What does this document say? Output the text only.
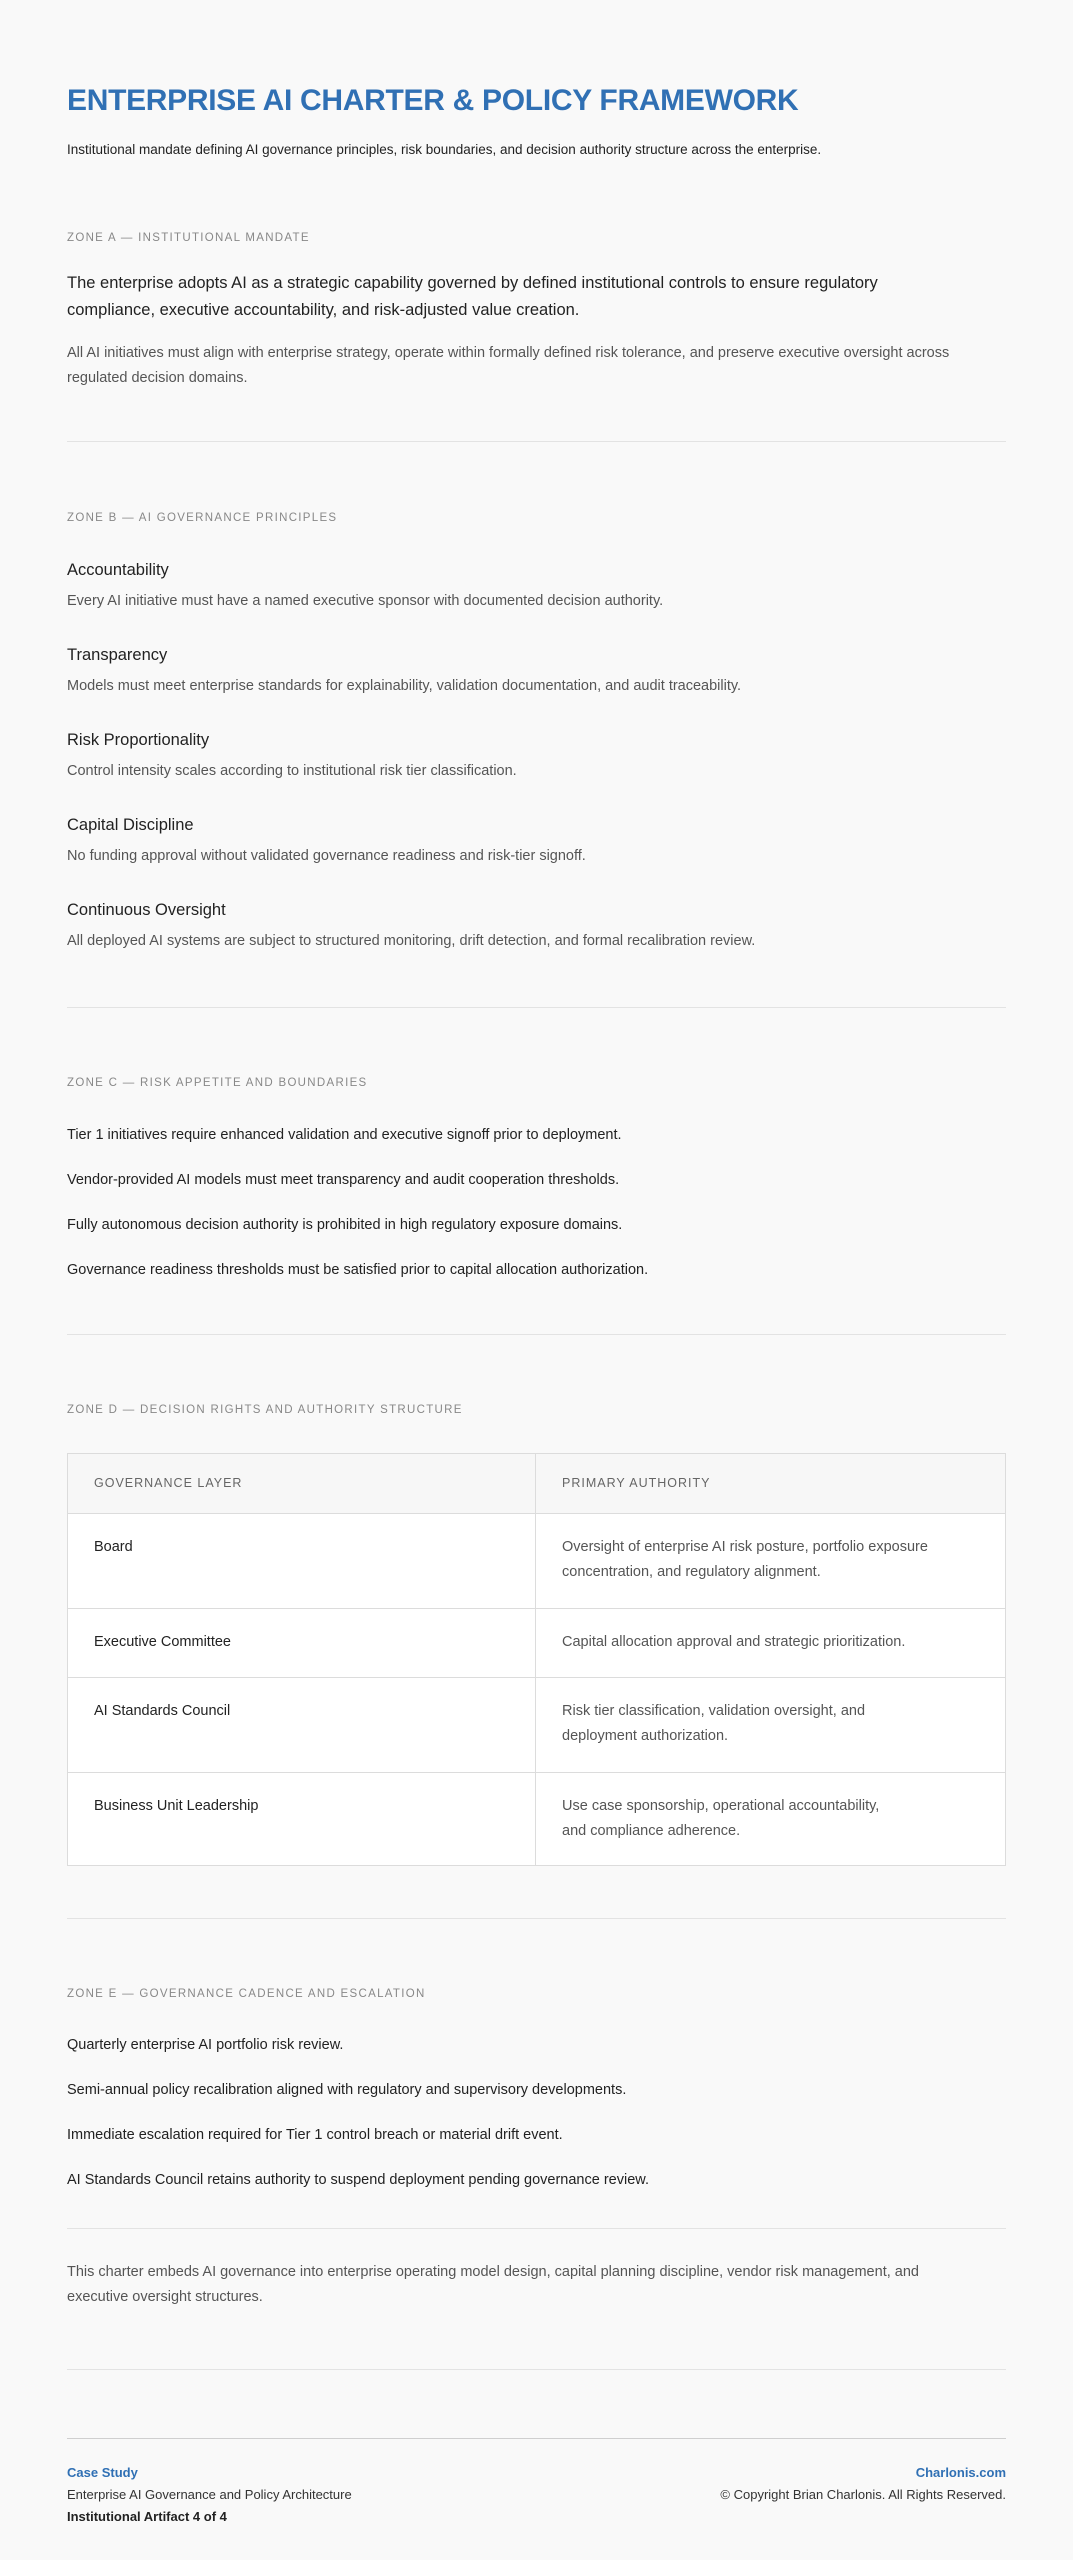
ENTERPRISE AI CHARTER & POLICY FRAMEWORK

Institutional mandate defining AI governance principles, risk boundaries, and decision authority structure across the enterprise.

ZONE A — INSTITUTIONAL MANDATE

The enterprise adopts AI as a strategic capability governed by defined institutional controls to ensure regulatory compliance, executive accountability, and risk-adjusted value creation.

All AI initiatives must align with enterprise strategy, operate within formally defined risk tolerance, and preserve executive oversight across regulated decision domains.

ZONE B — AI GOVERNANCE PRINCIPLES
Accountability
Every AI initiative must have a named executive sponsor with documented decision authority.
Transparency
Models must meet enterprise standards for explainability, validation documentation, and audit traceability.
Risk Proportionality
Control intensity scales according to institutional risk tier classification.
Capital Discipline
No funding approval without validated governance readiness and risk-tier signoff.
Continuous Oversight
All deployed AI systems are subject to structured monitoring, drift detection, and formal recalibration review.
ZONE C — RISK APPETITE AND BOUNDARIES
Tier 1 initiatives require enhanced validation and executive signoff prior to deployment.
Vendor-provided AI models must meet transparency and audit cooperation thresholds.
Fully autonomous decision authority is prohibited in high regulatory exposure domains.
Governance readiness thresholds must be satisfied prior to capital allocation authorization.
ZONE D — DECISION RIGHTS AND AUTHORITY STRUCTURE
GOVERNANCE LAYER	PRIMARY AUTHORITY
Board	Oversight of enterprise AI risk posture, portfolio exposure
concentration, and regulatory alignment.
Executive Committee	Capital allocation approval and strategic prioritization.
AI Standards Council	Risk tier classification, validation oversight, and
deployment authorization.
Business Unit Leadership	Use case sponsorship, operational accountability,
and compliance adherence.
ZONE E — GOVERNANCE CADENCE AND ESCALATION
Quarterly enterprise AI portfolio risk review.
Semi-annual policy recalibration aligned with regulatory and supervisory developments.
Immediate escalation required for Tier 1 control breach or material drift event.
AI Standards Council retains authority to suspend deployment pending governance review.

This charter embeds AI governance into enterprise operating model design, capital planning discipline, vendor risk management, and executive oversight structures.

Case Study
Enterprise AI Governance and Policy Architecture
Institutional Artifact 4 of 4
Charlonis.com
© Copyright Brian Charlonis. All Rights Reserved.
